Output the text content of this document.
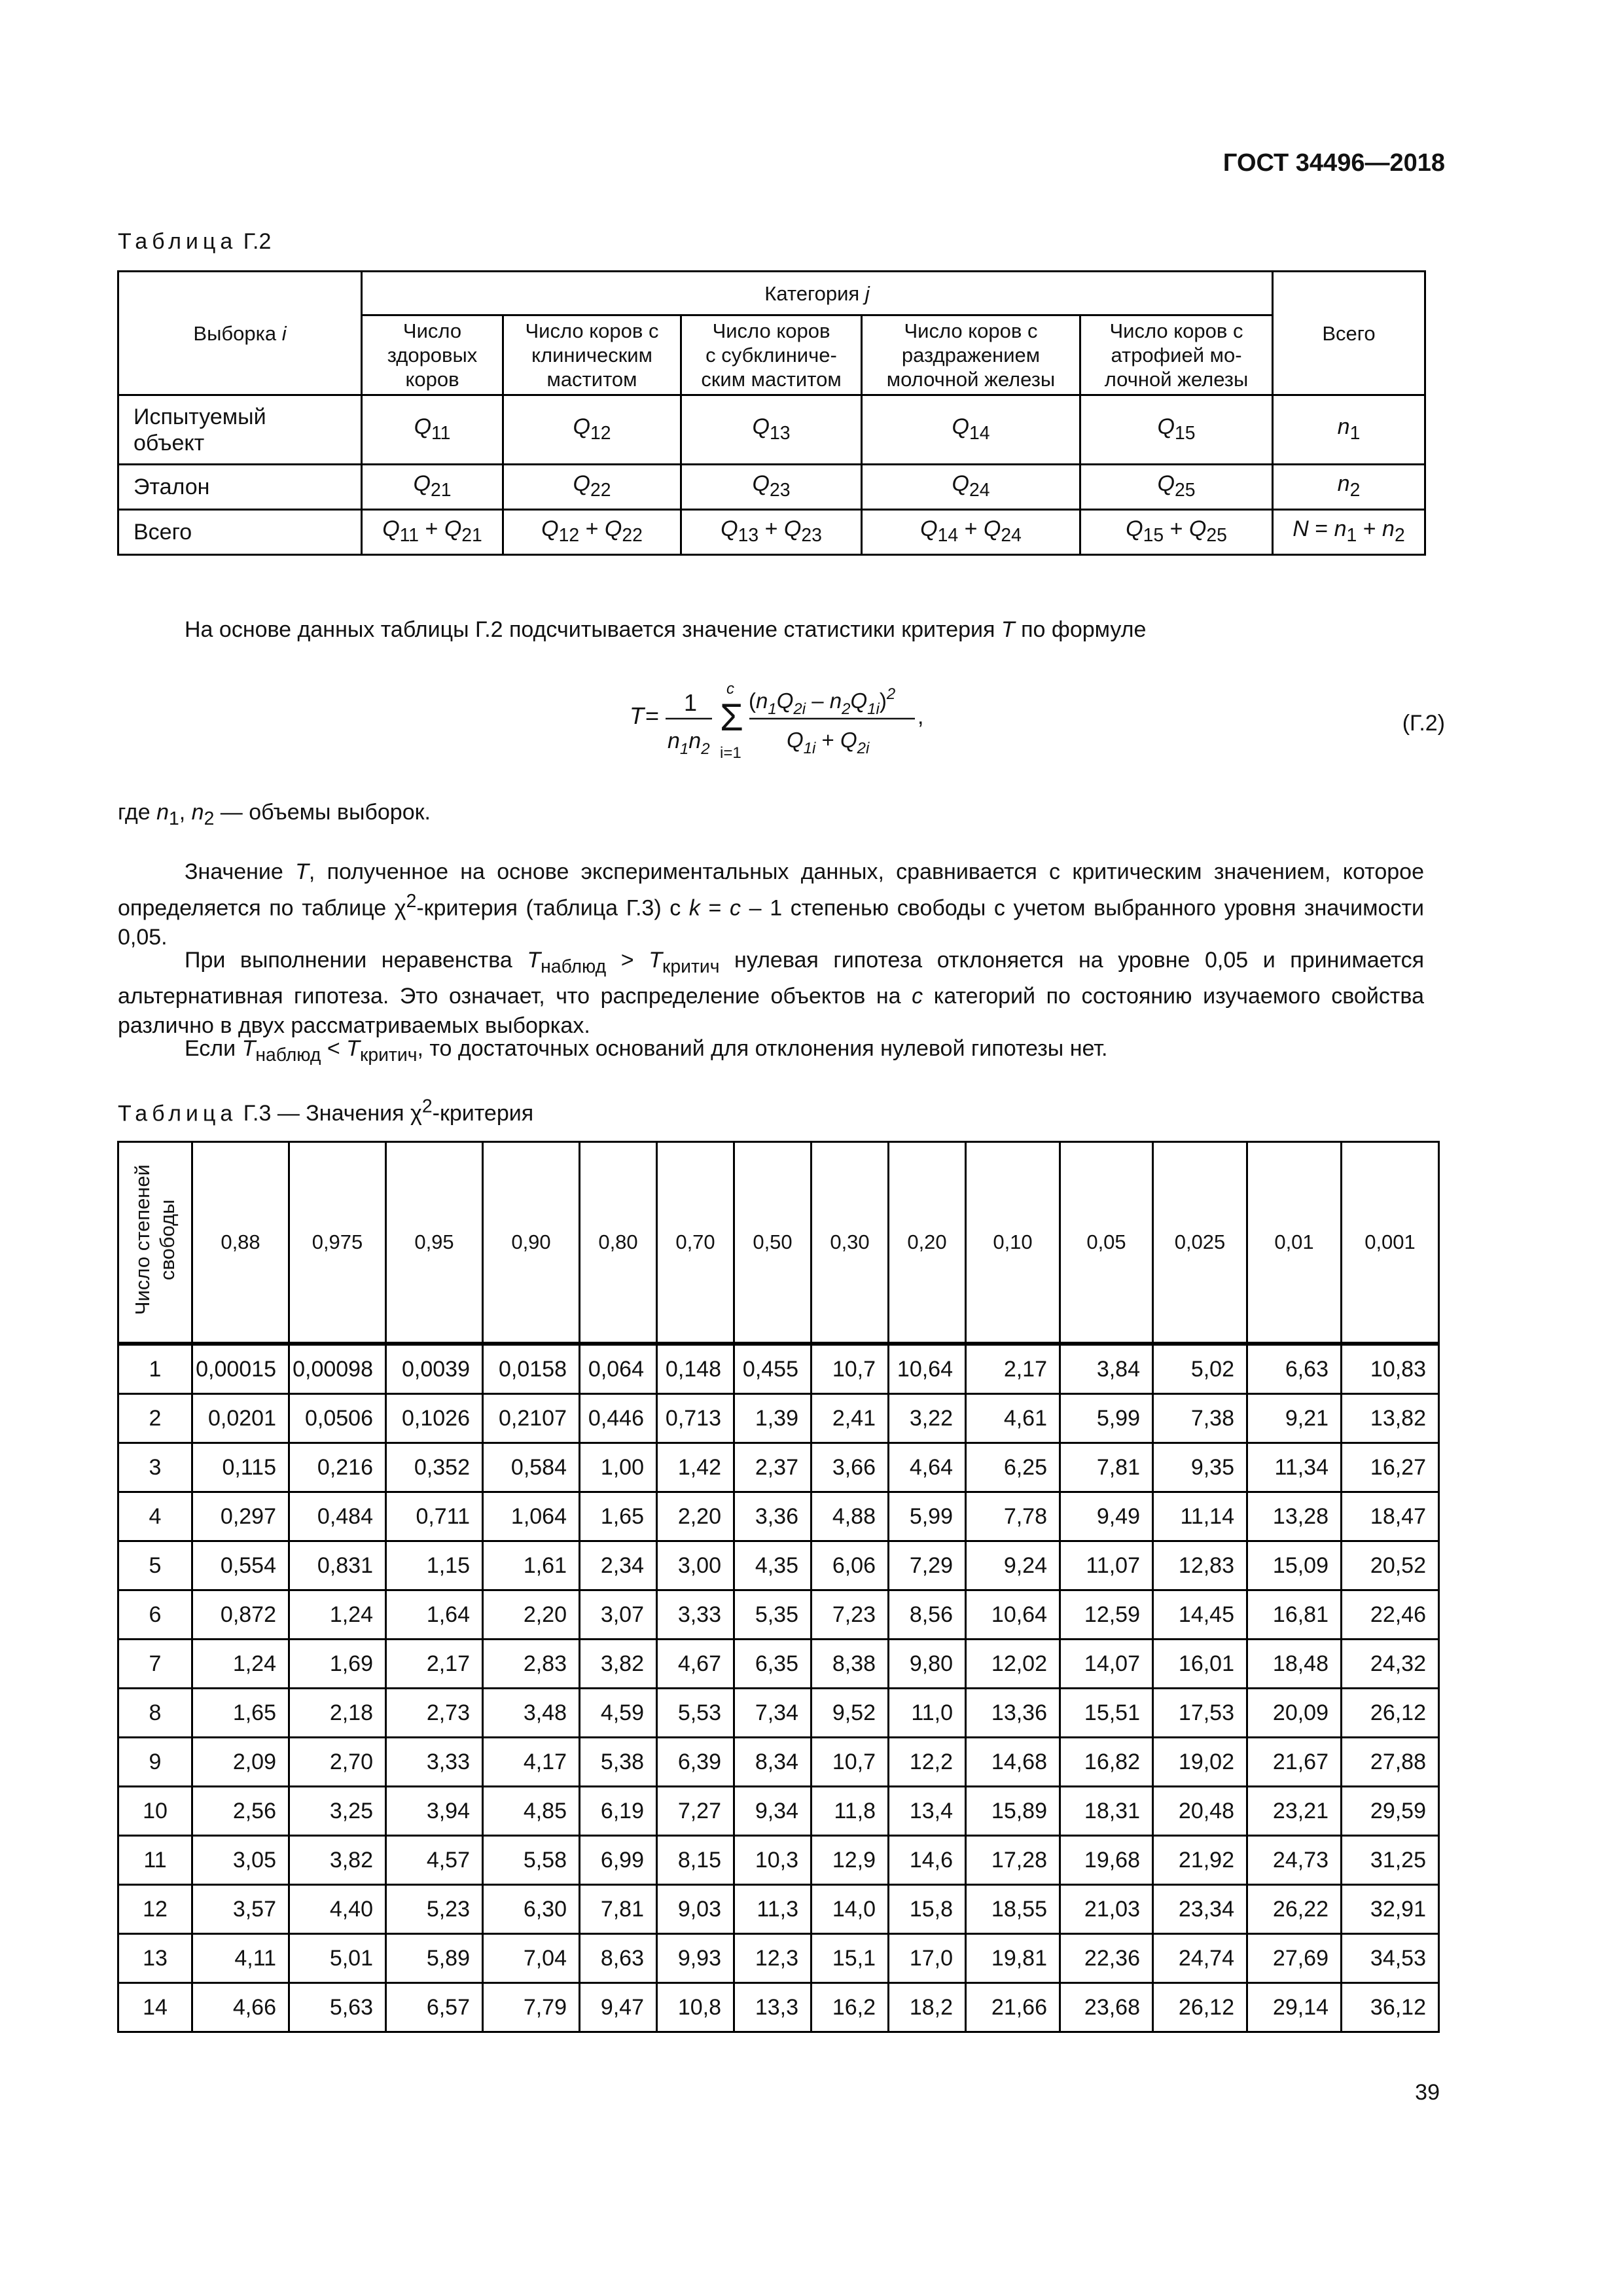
ГОСТ 34496—2018
Таблица Г.2
Выборка i	Категория j					Всего
	Число
здоровых
коров	Число коров с
клиническим
маститом	Число коров
с субклиниче-
ским маститом	Число коров с
раздражением
молочной железы	Число коров с
атрофией мо-
лочной железы	
Испытуемый
объект	$Q_{11}$	$Q_{12}$	$Q_{13}$	$Q_{14}$	$Q_{15}$	$n_1$
Эталон	$Q_{21}$	$Q_{22}$	$Q_{23}$	$Q_{24}$	$Q_{25}$	$n_2$
Всего	$Q_{11} + Q_{21}$	$Q_{12} + Q_{22}$	$Q_{13} + Q_{23}$	$Q_{14} + Q_{24}$	$Q_{15} + Q_{25}$	$N = n_1 + n_2$
На основе данных таблицы Г.2 подсчитывается значение статистики критерия T по формуле
T = 1
$n_1n_2$
c
Σ
i=1
$(n_1Q_{2i} - n_2Q_{1i})^2$
$Q_{1i} + Q_{2i}$
,	(Г.2)
где $n_1$, $n_2$ — объемы выборок.
Значение T, полученное на основе экспериментальных данных, сравнивается с критическим значением, которое определяется по таблице $\chi^2$-критерия (таблица Г.3) с k = c – 1 степенью свободы с учетом выбранного уровня значимости 0,05.
При выполнении неравенства $T_{наблюд} > T_{критич}$ нулевая гипотеза отклоняется на уровне 0,05 и принимается альтернативная гипотеза. Это означает, что распределение объектов на c категорий по состоянию изучаемого свойства различно в двух рассматриваемых выборках.
Если $T_{наблюд} < T_{критич}$, то достаточных оснований для отклонения нулевой гипотезы нет.
Таблица Г.3 — Значения $\chi^2$-критерия
Число степеней
свободы	0,88	0,975	0,95	0,90	0,80	0,70	0,50	0,30	0,20	0,10	0,05	0,025	0,01	0,001
1	0,00015	0,00098	0,0039	0,0158	0,064	0,148	0,455	10,7	10,64	2,17	3,84	5,02	6,63	10,83
2	0,0201	0,0506	0,1026	0,2107	0,446	0,713	1,39	2,41	3,22	4,61	5,99	7,38	9,21	13,82
3	0,115	0,216	0,352	0,584	1,00	1,42	2,37	3,66	4,64	6,25	7,81	9,35	11,34	16,27
4	0,297	0,484	0,711	1,064	1,65	2,20	3,36	4,88	5,99	7,78	9,49	11,14	13,28	18,47
5	0,554	0,831	1,15	1,61	2,34	3,00	4,35	6,06	7,29	9,24	11,07	12,83	15,09	20,52
6	0,872	1,24	1,64	2,20	3,07	3,33	5,35	7,23	8,56	10,64	12,59	14,45	16,81	22,46
7	1,24	1,69	2,17	2,83	3,82	4,67	6,35	8,38	9,80	12,02	14,07	16,01	18,48	24,32
8	1,65	2,18	2,73	3,48	4,59	5,53	7,34	9,52	11,0	13,36	15,51	17,53	20,09	26,12
9	2,09	2,70	3,33	4,17	5,38	6,39	8,34	10,7	12,2	14,68	16,82	19,02	21,67	27,88
10	2,56	3,25	3,94	4,85	6,19	7,27	9,34	11,8	13,4	15,89	18,31	20,48	23,21	29,59
11	3,05	3,82	4,57	5,58	6,99	8,15	10,3	12,9	14,6	17,28	19,68	21,92	24,73	31,25
12	3,57	4,40	5,23	6,30	7,81	9,03	11,3	14,0	15,8	18,55	21,03	23,34	26,22	32,91
13	4,11	5,01	5,89	7,04	8,63	9,93	12,3	15,1	17,0	19,81	22,36	24,74	27,69	34,53
14	4,66	5,63	6,57	7,79	9,47	10,8	13,3	16,2	18,2	21,66	23,68	26,12	29,14	36,12
39
